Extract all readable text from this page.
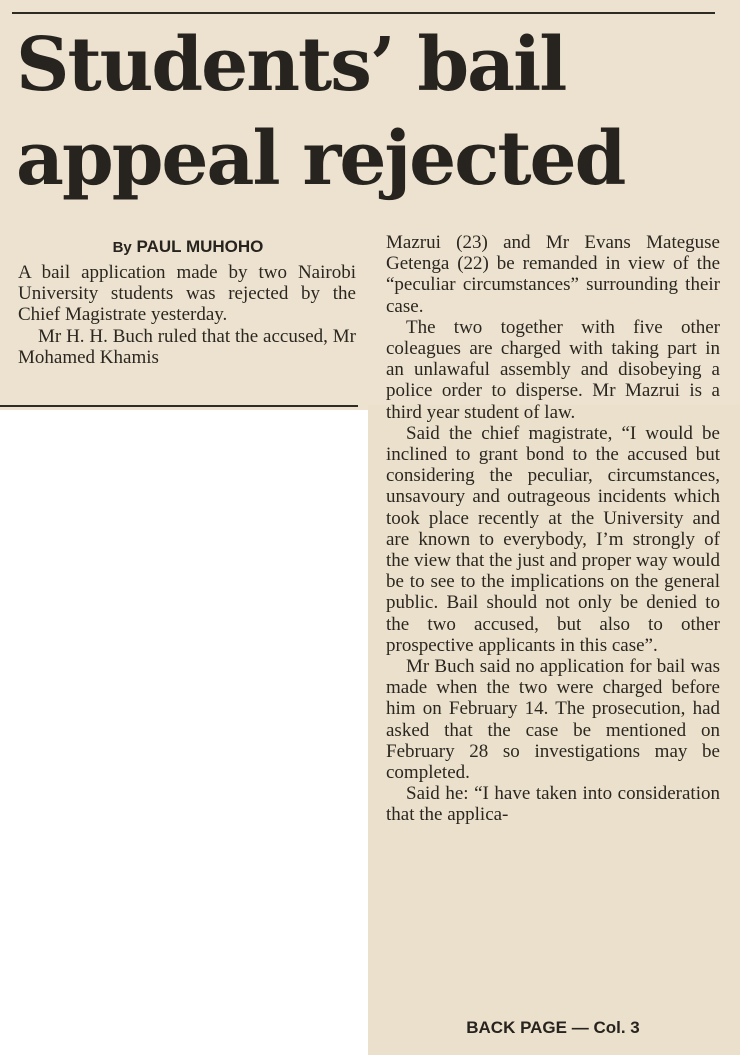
Students’ bail
appeal rejected
By PAUL MUHOHO

A bail application made by two Nairobi University students was rejected by the Chief Magistrate yesterday.

Mr H. H. Buch ruled that the accused, Mr Mohamed Khamis

Mazrui (23) and Mr Evans Mateguse Getenga (22) be remanded in view of the “peculiar circumstances” surrounding their case.

The two together with five other coleagues are charged with taking part in an unlawaful assembly and disobeying a police order to disperse. Mr Mazrui is a third year student of law.

Said the chief magistrate, “I would be inclined to grant bond to the accused but considering the peculiar, circumstances, unsavoury and outrageous incidents which took place recently at the University and are known to everybody, I’m strongly of the view that the just and proper way would be to see to the implications on the general public. Bail should not only be denied to the two accused, but also to other prospective applicants in this case”.

Mr Buch said no application for bail was made when the two were charged before him on February 14. The prosecution, had asked that the case be mentioned on February 28 so investigations may be completed.

Said he: “I have taken into consideration that the applica-

BACK PAGE — Col. 3
